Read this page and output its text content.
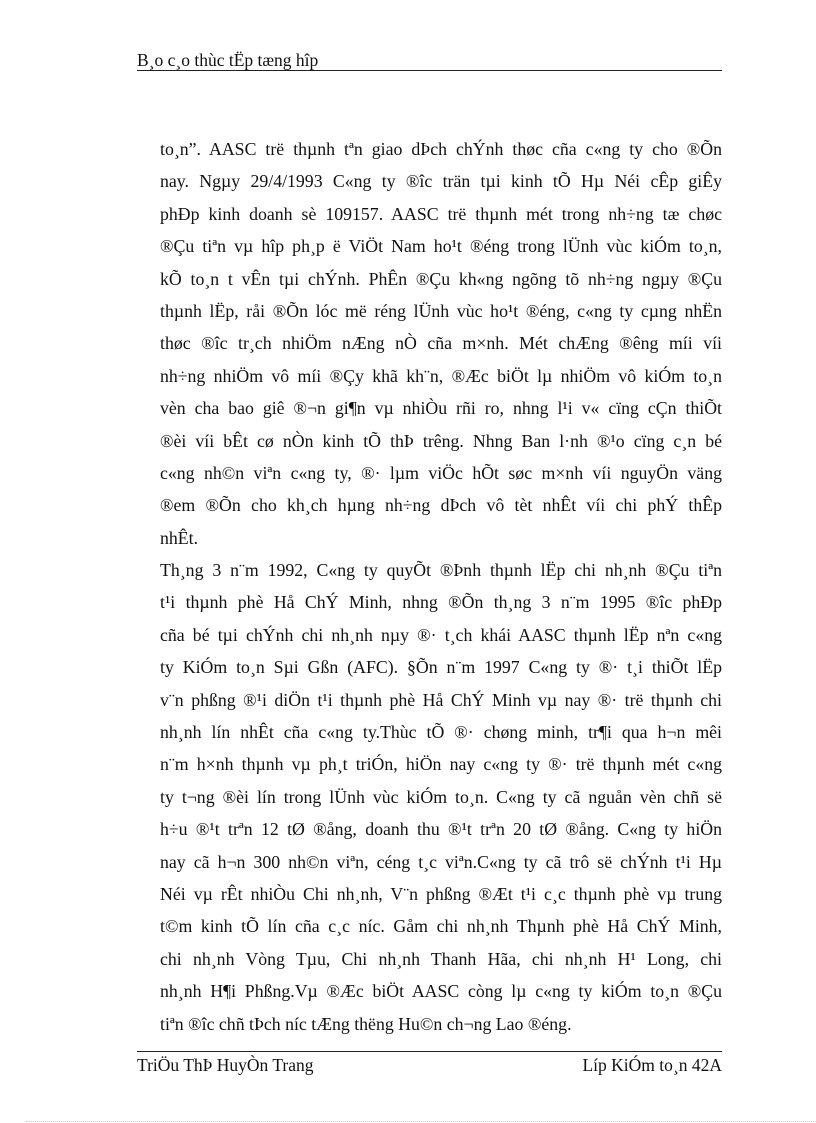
B¸o c¸o thùc tËp tæng hîp
to¸n”. AASC trë thµnh tªn giao dÞch chÝnh thøc cña c«ng ty cho ®Õn
nay. Ngµy 29/4/1993 C«ng ty ®îc trän tµi kinh tÕ Hµ Néi cÊp giÊy
phÐp kinh doanh sè 109157. AASC trë thµnh mét trong nh÷ng tæ chøc
®Çu tiªn vµ hîp ph¸p ë ViÖt Nam ho¹t ®éng trong lÜnh vùc kiÓm to¸n,
kÕ to¸n t vÊn tµi chÝnh. PhÊn ®Çu kh«ng ngõng tõ nh÷ng ngµy ®Çu
thµnh lËp, råi ®Õn lóc më réng lÜnh vùc ho¹t ®éng, c«ng ty cµng nhËn
thøc ®îc tr¸ch nhiÖm nÆng nÒ cña m×nh. Mét chÆng ®êng míi víi
nh÷ng nhiÖm vô míi ®Çy khã kh¨n, ®Æc biÖt lµ nhiÖm vô kiÓm to¸n
vèn cha bao giê ®¬n gi¶n vµ nhiÒu rñi ro, nhng l¹i v« cïng cÇn thiÕt
®èi víi bÊt cø nÒn kinh tÕ thÞ trêng. Nhng Ban l·nh ®¹o cïng c¸n bé
c«ng nh©n viªn c«ng ty, ®· lµm viÖc hÕt søc m×nh víi nguyÖn väng
®em ®Õn cho kh¸ch hµng nh÷ng dÞch vô tèt nhÊt víi chi phÝ thÊp
nhÊt.
Th¸ng 3 n¨m 1992, C«ng ty quyÕt ®Þnh thµnh lËp chi nh¸nh ®Çu tiªn
t¹i thµnh phè Hå ChÝ Minh, nhng ®Õn th¸ng 3 n¨m 1995 ®îc phÐp
cña bé tµi chÝnh chi nh¸nh nµy ®· t¸ch khái AASC thµnh lËp nªn c«ng
ty KiÓm to¸n Sµi Gßn (AFC). §Õn n¨m 1997 C«ng ty ®· t¸i thiÕt lËp
v¨n phßng ®¹i diÖn t¹i thµnh phè Hå ChÝ Minh vµ nay ®· trë thµnh chi
nh¸nh lín nhÊt cña c«ng ty.Thùc tÕ ®· chøng minh, tr¶i qua h¬n mêi
n¨m h×nh thµnh vµ ph¸t triÓn, hiÖn nay c«ng ty ®· trë thµnh mét c«ng
ty t¬ng ®èi lín trong lÜnh vùc kiÓm to¸n. C«ng ty cã nguån vèn chñ së
h÷u ®¹t trªn 12 tØ ®ång, doanh thu ®¹t trªn 20 tØ ®ång. C«ng ty hiÖn
nay cã h¬n 300 nh©n viªn, céng t¸c viªn.C«ng ty cã trô së chÝnh t¹i Hµ
Néi vµ rÊt nhiÒu Chi nh¸nh, V¨n phßng ®Æt t¹i c¸c thµnh phè vµ trung
t©m kinh tÕ lín cña c¸c níc. Gåm chi nh¸nh Thµnh phè Hå ChÝ Minh,
chi nh¸nh Vòng Tµu, Chi nh¸nh Thanh Hãa, chi nh¸nh H¹ Long, chi
nh¸nh H¶i Phßng.Vµ ®Æc biÖt AASC còng lµ c«ng ty kiÓm to¸n ®Çu
tiªn ®îc chñ tÞch níc tÆng thëng Hu©n ch¬ng Lao ®éng.
TriÖu ThÞ HuyÒn Trang	Líp KiÓm to¸n 42A
